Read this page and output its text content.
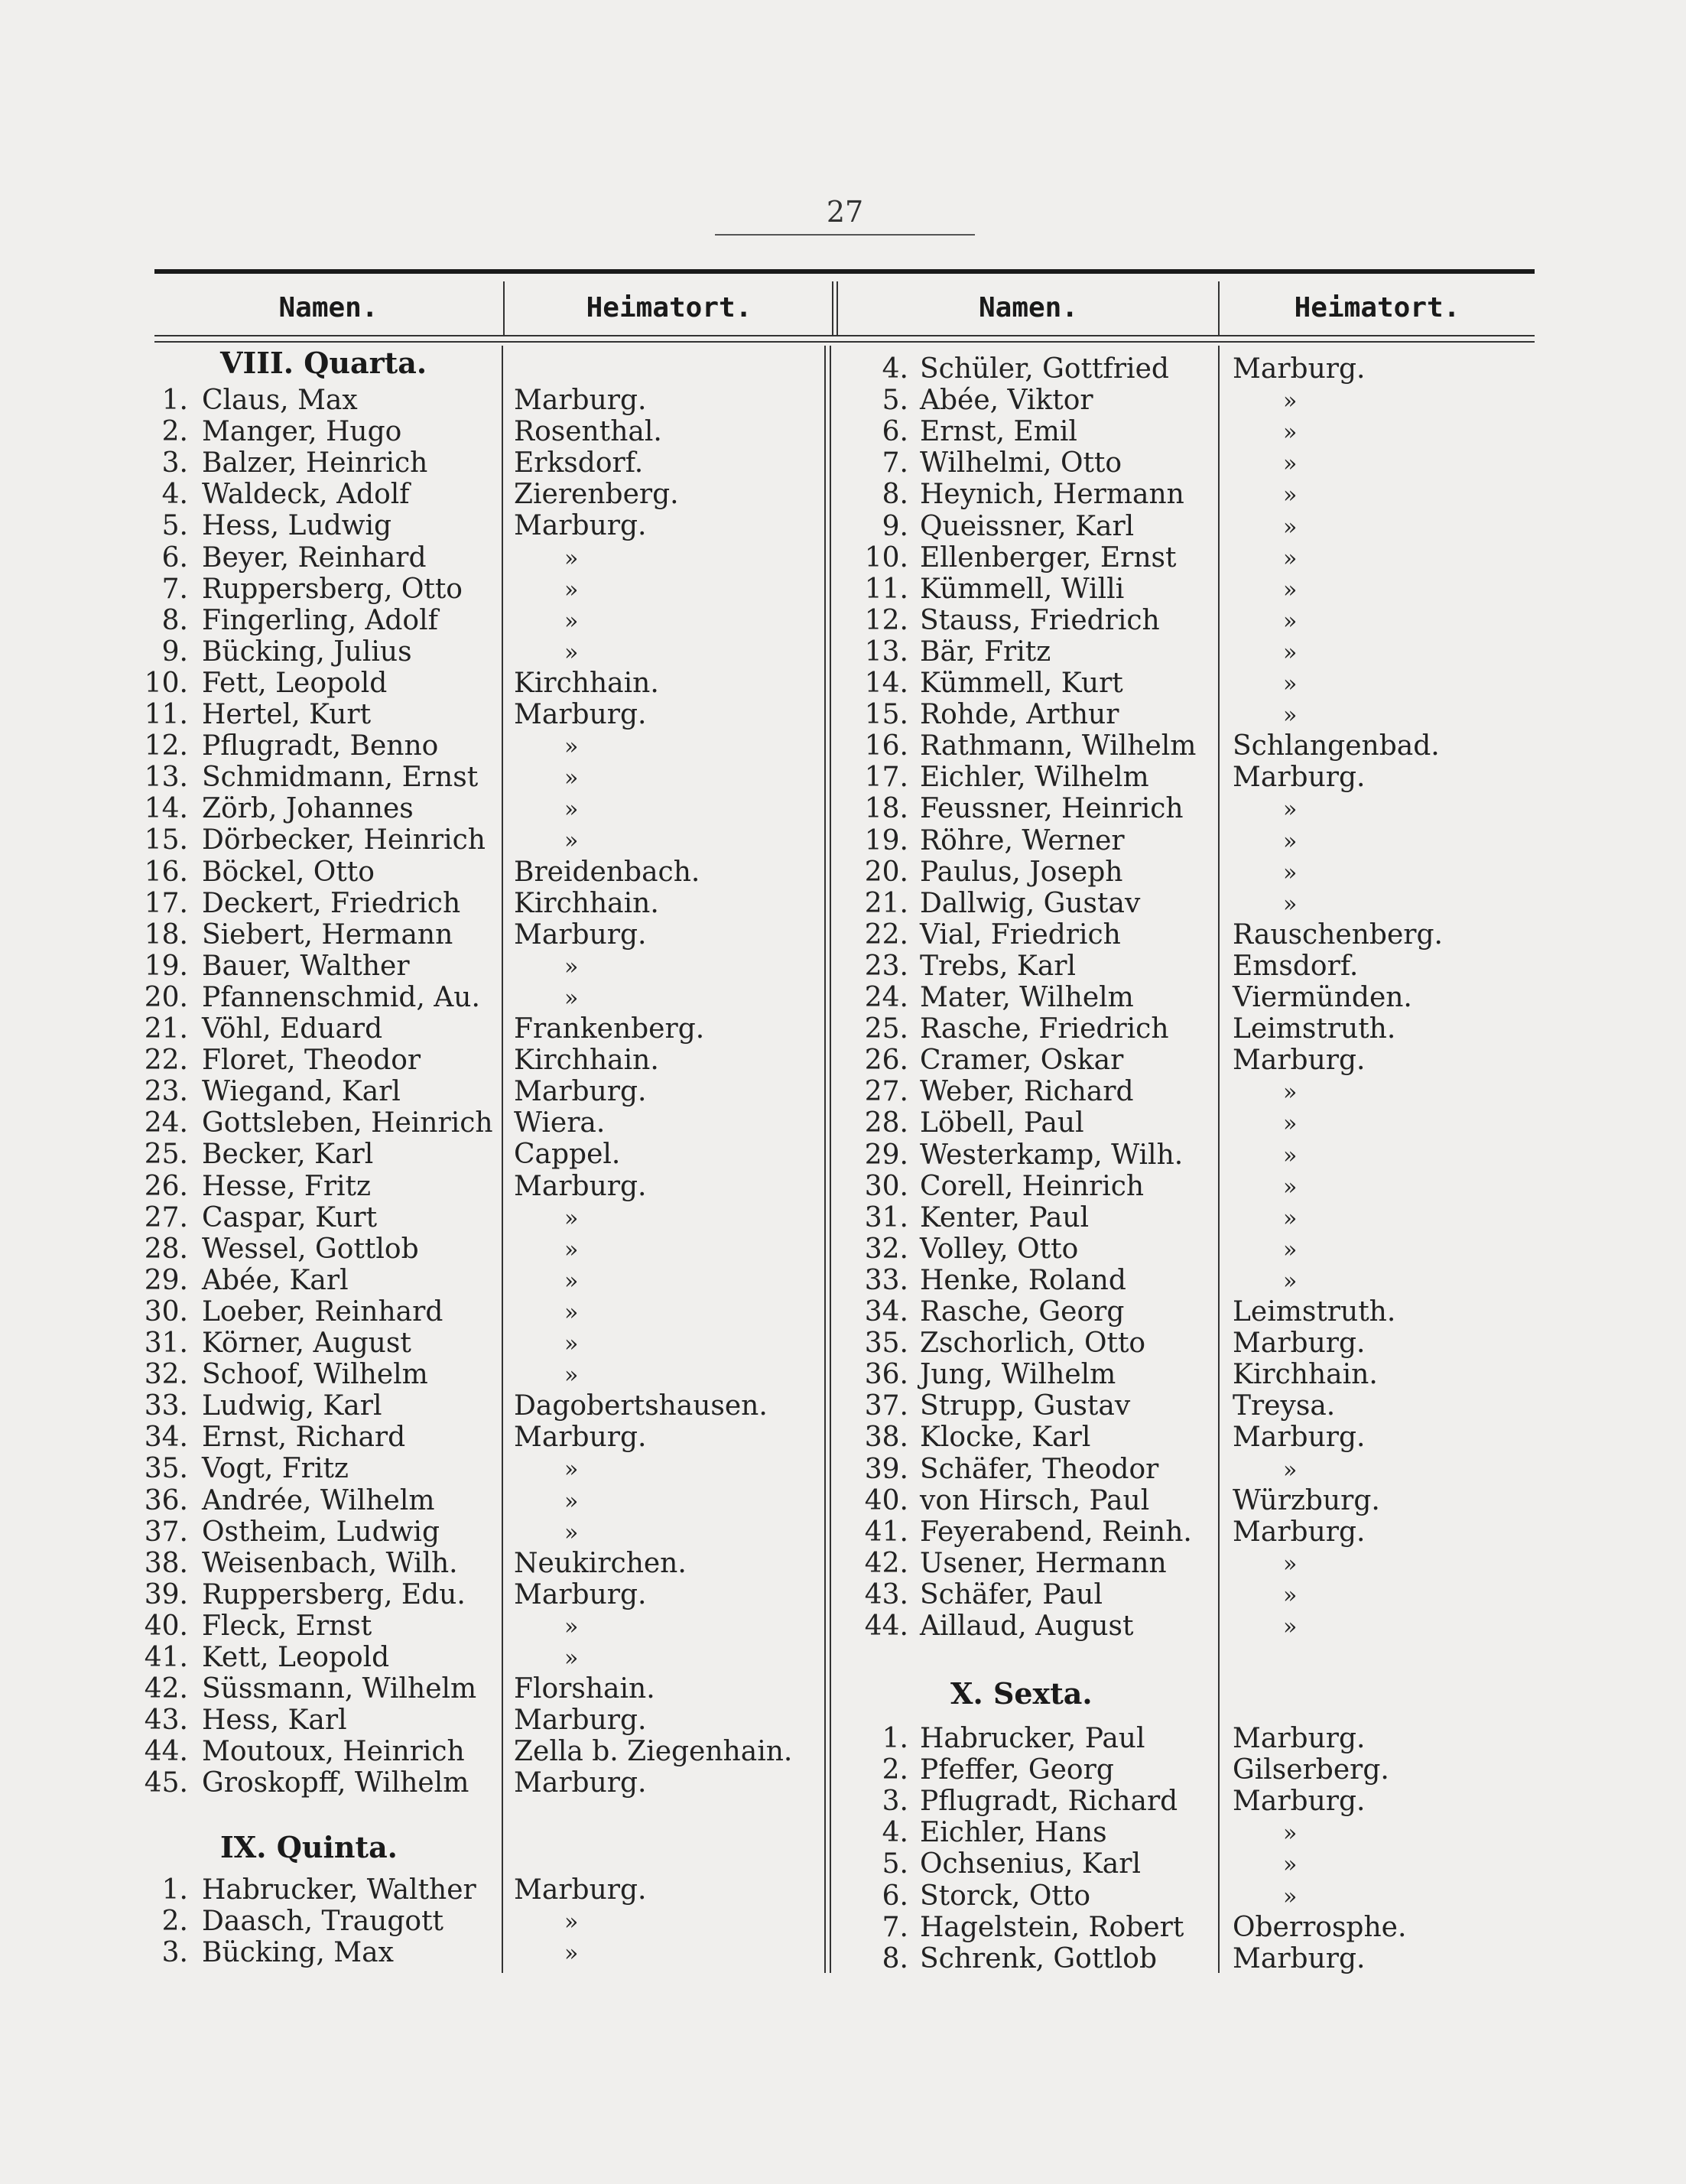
27
Namen.	Heimatort.	Namen.	Heimatort.
VIII. Quarta.
1. Claus, Max	Marburg.
2. Manger, Hugo	Rosenthal.
3. Balzer, Heinrich	Erksdorf.
4. Waldeck, Adolf	Zierenberg.
5. Hess, Ludwig	Marburg.
6. Beyer, Reinhard	»
7. Ruppersberg, Otto	»
8. Fingerling, Adolf	»
9. Bücking, Julius	»
10. Fett, Leopold	Kirchhain.
11. Hertel, Kurt	Marburg.
12. Pflugradt, Benno	»
13. Schmidmann, Ernst	»
14. Zörb, Johannes	»
15. Dörbecker, Heinrich	»
16. Böckel, Otto	Breidenbach.
17. Deckert, Friedrich Kirchhain.
18. Siebert, Hermann Marburg.
19. Bauer, Walther	»
20. Pfannenschmid, Au.	»
21. Vöhl, Eduard	Frankenberg.
22. Floret, Theodor	Kirchhain.
23. Wiegand, Karl	Marburg.
24. Gottsleben, Heinrich Wiera.
25. Becker, Karl	Cappel.
26. Hesse, Fritz	Marburg.
27. Caspar, Kurt	»
28. Wessel, Gottlob	»
29. Abée, Karl	»
30. Loeber, Reinhard	»
31. Körner, August	»
32. Schoof, Wilhelm	»
33. Ludwig, Karl	Dagobertshausen.
34. Ernst, Richard	Marburg.
35. Vogt, Fritz	»
36. Andrée, Wilhelm	»
37. Ostheim, Ludwig	»
38. Weisenbach, Wilh. Neukirchen.
39. Ruppersberg, Edu. Marburg.
40. Fleck, Ernst	»
41. Kett, Leopold	»
42. Süssmann, Wilhelm Florshain.
43. Hess, Karl	Marburg.
44. Moutoux, Heinrich Zella b. Ziegenhain.
45. Groskopff, Wilhelm Marburg.
IX. Quinta.
1. Habrucker, Walther Marburg.
2. Daasch, Traugott	»
3. Bücking, Max	»
4. Schüler, Gottfried Marburg.
5. Abée, Viktor	»
6. Ernst, Emil	»
7. Wilhelmi, Otto	»
8. Heynich, Hermann	»
9. Queissner, Karl	»
10. Ellenberger, Ernst	»
11. Kümmell, Willi	»
12. Stauss, Friedrich	»
13. Bär, Fritz	»
14. Kümmell, Kurt	»
15. Rohde, Arthur	»
16. Rathmann, Wilhelm Schlangenbad.
17. Eichler, Wilhelm	Marburg.
18. Feussner, Heinrich	»
19. Röhre, Werner	»
20. Paulus, Joseph	»
21. Dallwig, Gustav	»
22. Vial, Friedrich	Rauschenberg.
23. Trebs, Karl	Emsdorf.
24. Mater, Wilhelm	Viermünden.
25. Rasche, Friedrich Leimstruth.
26. Cramer, Oskar	Marburg.
27. Weber, Richard	»
28. Löbell, Paul	»
29. Westerkamp, Wilh.	»
30. Corell, Heinrich	»
31. Kenter, Paul	»
32. Volley, Otto	»
33. Henke, Roland	»
34. Rasche, Georg	Leimstruth.
35. Zschorlich, Otto	Marburg.
36. Jung, Wilhelm	Kirchhain.
37. Strupp, Gustav	Treysa.
38. Klocke, Karl	Marburg.
39. Schäfer, Theodor	»
40. von Hirsch, Paul	Würzburg.
41. Feyerabend, Reinh. Marburg.
42. Usener, Hermann	»
43. Schäfer, Paul	»
44. Aillaud, August	»
X. Sexta.
1. Habrucker, Paul	Marburg.
2. Pfeffer, Georg	Gilserberg.
3. Pflugradt, Richard Marburg.
4. Eichler, Hans	»
5. Ochsenius, Karl	»
6. Storck, Otto	»
7. Hagelstein, Robert Oberrosphe.
8. Schrenk, Gottlob	Marburg.
